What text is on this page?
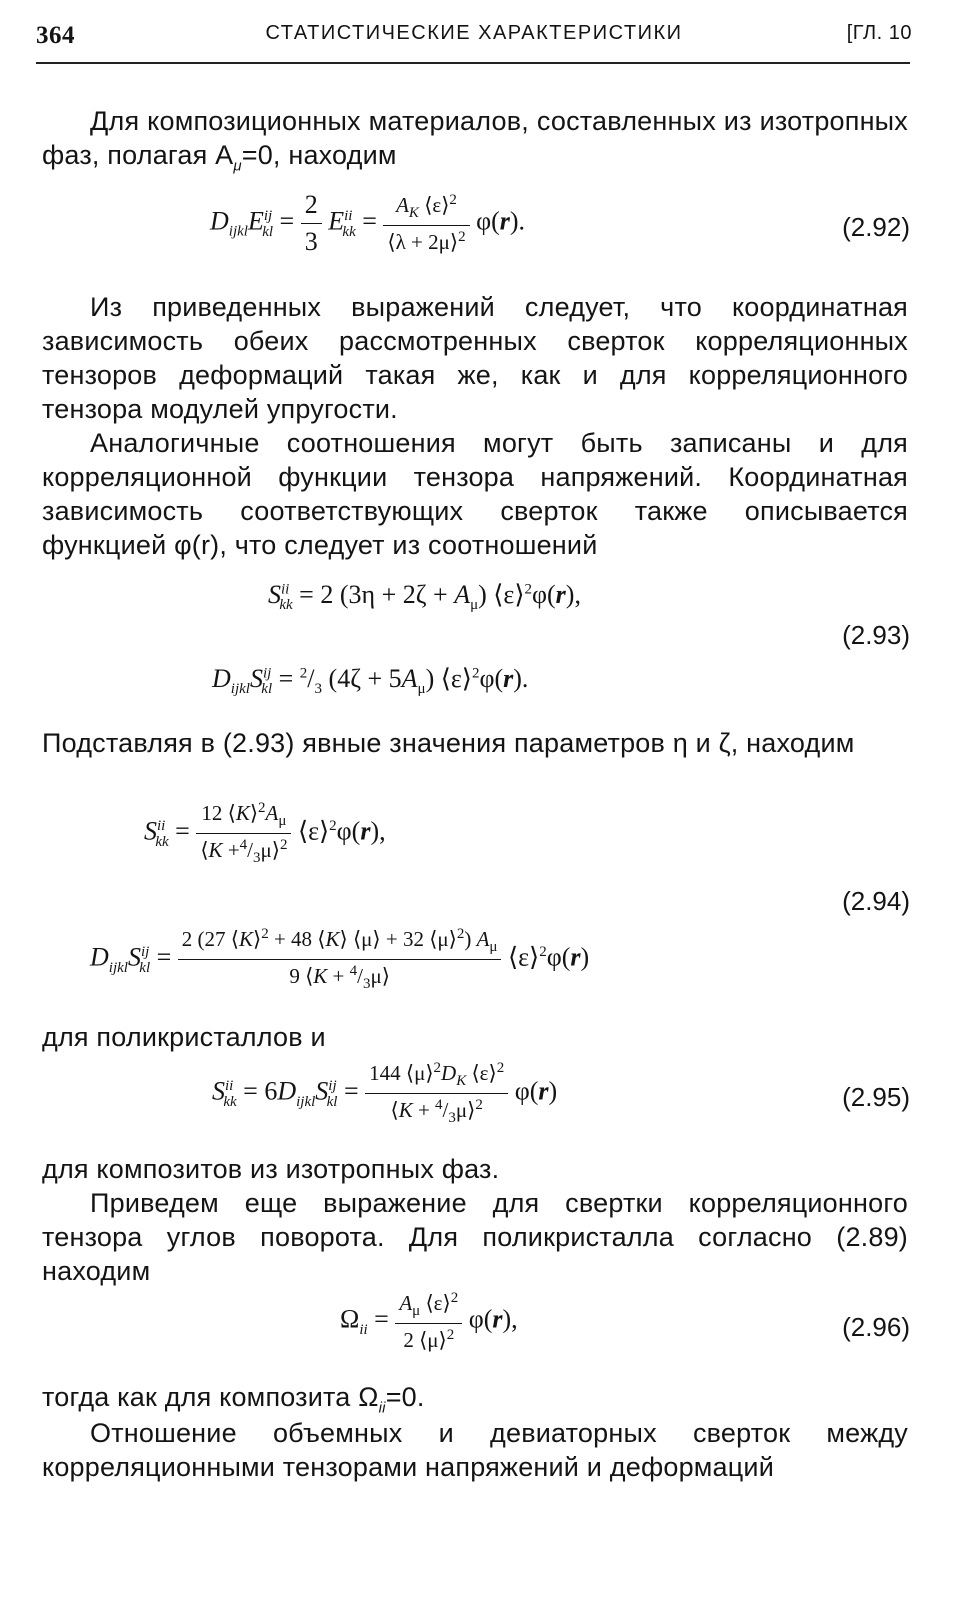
364	СТАТИСТИЧЕСКИЕ ХАРАКТЕРИСТИКИ	[ГЛ. 10

Для композиционных материалов, составленных из изотропных фаз, полагая $A_\mu=0$, находим

$D_{ijkl}E^{ij}_{kl} = \frac{2}{3} E^{ii}_{kk} = \frac{A_K ⟨\varepsilon⟩^2}{⟨\lambda + 2\mu⟩^2} \varphi(r)$.	(2.92)

Из приведенных выражений следует, что координатная зависимость обеих рассмотренных сверток корреляционных тензоров деформаций такая же, как и для корреляционного тензора модулей упругости.

Аналогичные соотношения могут быть записаны и для корреляционной функции тензора напряжений. Координатная зависимость соответствующих сверток также описывается функцией φ(r), что следует из соотношений

$S^{ii}_{kk} = 2$ $(3\eta + 2\zeta + A_\mu)$ ⟨ε⟩$^2$φ(r),
(2.93)
$D_{ijkl}S^{ij}_{kl} = ^2/_3$ $(4\zeta + 5A_\mu)$ ⟨ε⟩$^2$φ(r).

Подставляя в (2.93) явные значения параметров η и ζ, находим

$S^{ii}_{kk} = \frac{12 ⟨K⟩^2A_\mu}{⟨K +^4/_3\mu⟩^2}$ ⟨ε⟩$^2$φ(r),
(2.94)
$D_{ijkl}S^{ij}_{kl} = \frac{2 (27 ⟨K⟩^2 + 48 ⟨K⟩ ⟨\mu⟩ + 32 ⟨\mu⟩^2) A_\mu}{9 ⟨K + ^4/_3\mu⟩}$ ⟨ε⟩$^2$φ(r)

для поликристаллов и

$S^{ii}_{kk} = 6D_{ijkl}S^{ij}_{kl} = \frac{144 ⟨\mu⟩^2D_K ⟨\varepsilon⟩^2}{⟨K + ^4/_3\mu⟩^2} \varphi(r)$	(2.95)

для композитов из изотропных фаз.

Приведем еще выражение для свертки корреляционного тензора углов поворота. Для поликристалла согласно (2.89) находим

$\Omega_{ii} = \frac{A_\mu ⟨\varepsilon⟩^2}{2 ⟨\mu⟩^2} \varphi(r)$,	(2.96)

тогда как для композита $\Omega_{ii}=0$.

Отношение объемных и девиаторных сверток между корреляционными тензорами напряжений и деформаций
